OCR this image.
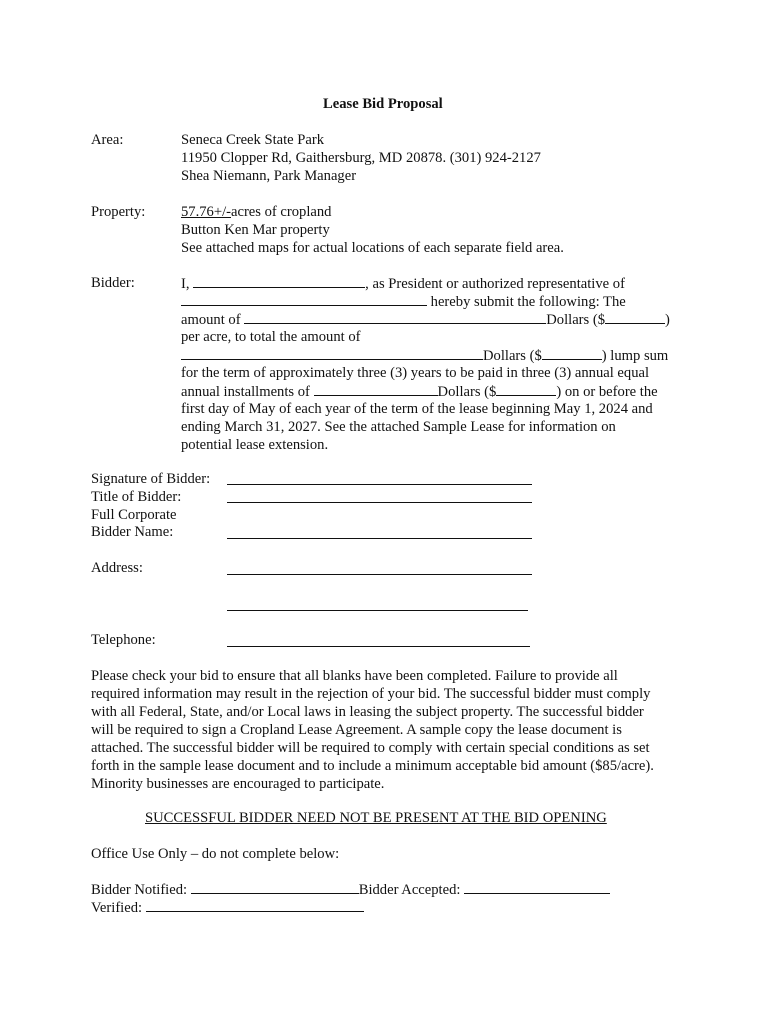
Lease Bid Proposal
Area:	Seneca Creek State Park
11950 Clopper Rd, Gaithersburg, MD 20878. (301) 924-2127
Shea Niemann, Park Manager
Property: 57.76+/-acres of cropland
Button Ken Mar property
See attached maps for actual locations of each separate field area.
Bidder:	I,	, as President or authorized representative of
hereby submit the following: The
amount of	Dollars ($	)
per acre, to total the amount of
Dollars ($	) lump sum
for the term of approximately three (3) years to be paid in three (3) annual equal
annual installments of	Dollars ($	) on or before the
first day of May of each year of the term of the lease beginning May 1, 2024 and
ending March 31, 2027. See the attached Sample Lease for information on
potential lease extension.
Signature of Bidder:
Title of Bidder:
Full Corporate
Bidder Name:
Address:
Telephone:
Please check your bid to ensure that all blanks have been completed. Failure to provide all
required information may result in the rejection of your bid. The successful bidder must comply
with all Federal, State, and/or Local laws in leasing the subject property. The successful bidder
will be required to sign a Cropland Lease Agreement. A sample copy the lease document is
attached. The successful bidder will be required to comply with certain special conditions as set
forth in the sample lease document and to include a minimum acceptable bid amount ($85/acre).
Minority businesses are encouraged to participate.
SUCCESSFUL BIDDER NEED NOT BE PRESENT AT THE BID OPENING
Office Use Only – do not complete below:
Bidder Notified:	Bidder Accepted:
Verified:
